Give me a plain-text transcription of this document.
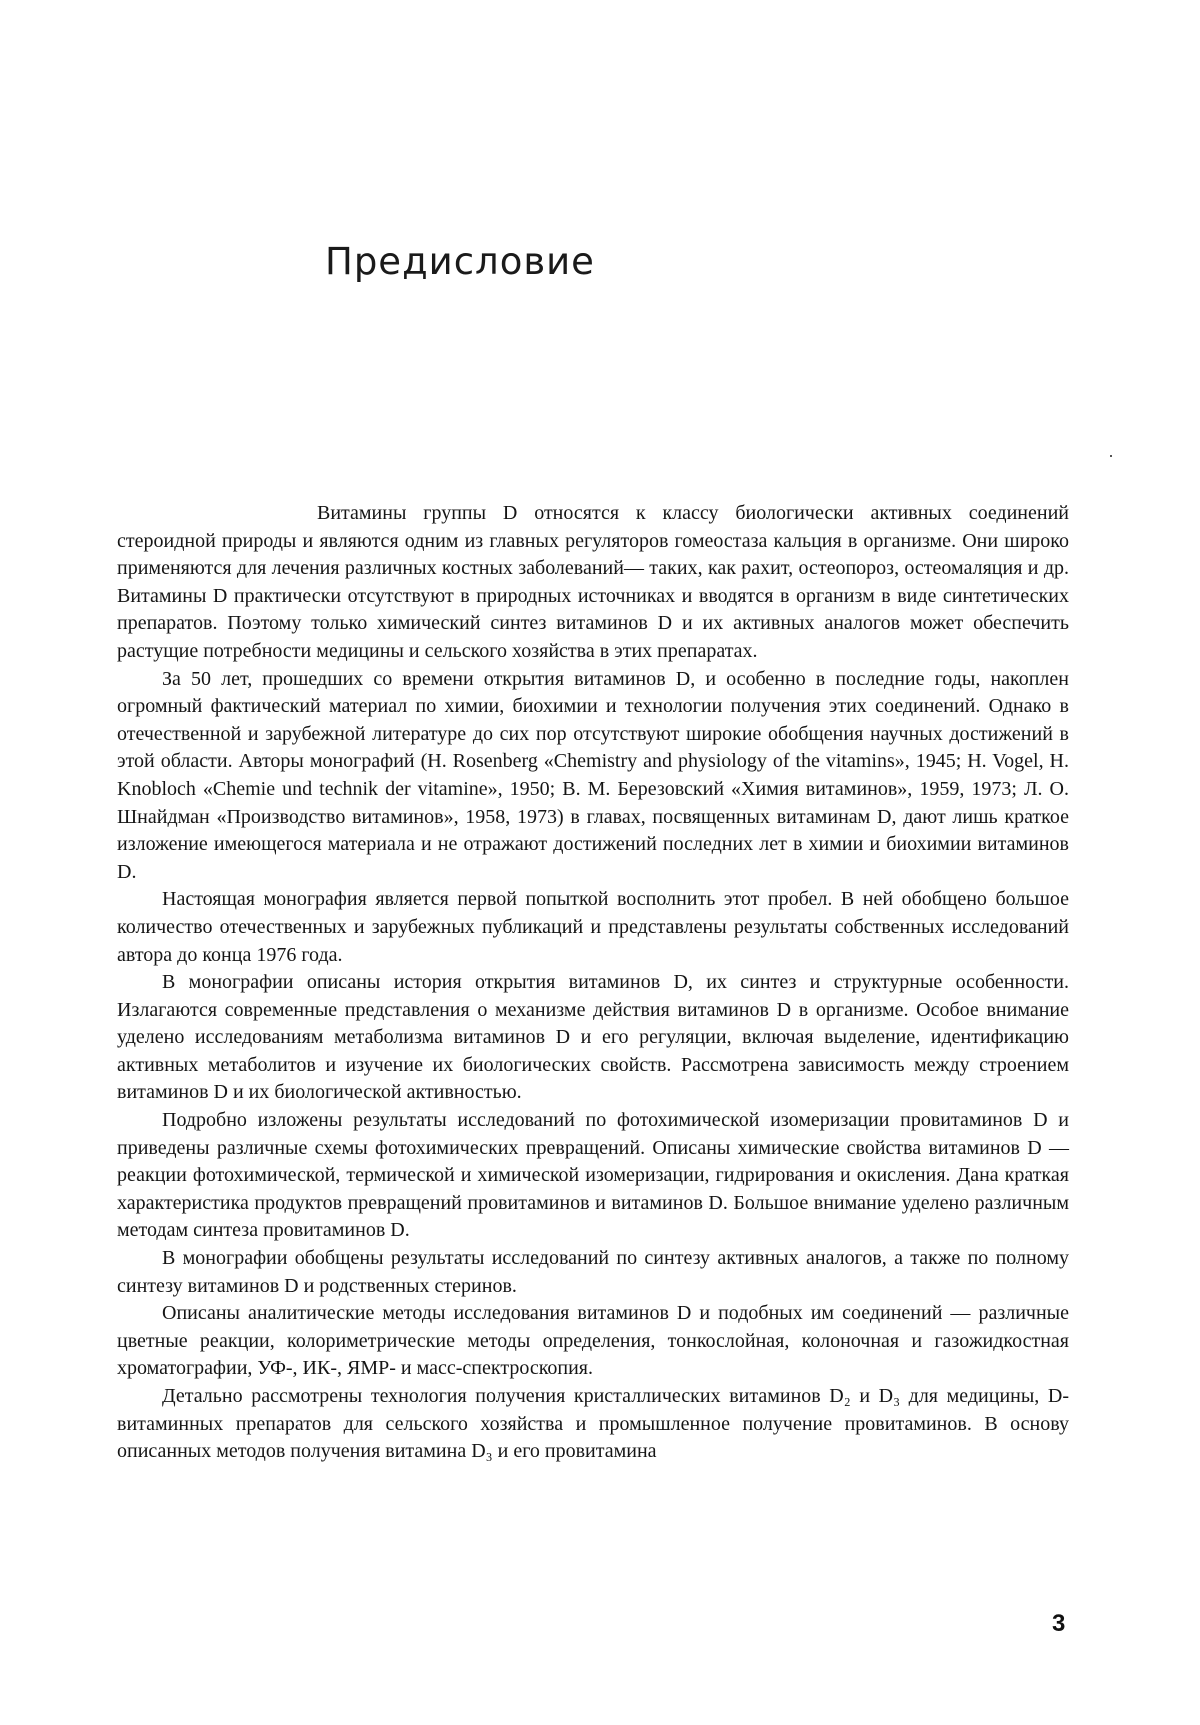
Предисловие

Витамины группы D относятся к классу биологически активных соединений стероидной природы и являются одним из главных регуляторов гомеостаза кальция в организме. Они широко применяются для лечения различных костных заболеваний— таких, как рахит, остеопороз, остеомаляция и др. Витамины D практически отсутствуют в природных источниках и вводятся в организм в виде синтетических препаратов. Поэтому только химический синтез витаминов D и их активных аналогов может обеспечить растущие потребности медицины и сельского хозяйства в этих препаратах.

За 50 лет, прошедших со времени открытия витаминов D, и особенно в последние годы, накоплен огромный фактический материал по химии, биохимии и технологии получения этих соединений. Однако в отечественной и зарубежной литературе до сих пор отсутствуют широкие обобщения научных достижений в этой области. Авторы монографий (H. Rosenberg «Chemistry and physiology of the vitamins», 1945; H. Vogel, H. Knobloch «Chemie und technik der vitamine», 1950; В. М. Березовский «Химия витаминов», 1959, 1973; Л. О. Шнайдман «Производство витаминов», 1958, 1973) в главах, посвященных витаминам D, дают лишь краткое изложение имеющегося материала и не отражают достижений последних лет в химии и биохимии витаминов D.

Настоящая монография является первой попыткой восполнить этот пробел. В ней обобщено большое количество отечественных и зарубежных публикаций и представлены результаты собственных исследований автора до конца 1976 года.

В монографии описаны история открытия витаминов D, их синтез и структурные особенности. Излагаются современные представления о механизме действия витаминов D в организме. Особое внимание уделено исследованиям метаболизма витаминов D и его регуляции, включая выделение, идентификацию активных метаболитов и изучение их биологических свойств. Рассмотрена зависимость между строением витаминов D и их биологической активностью.

Подробно изложены результаты исследований по фотохимической изомеризации провитаминов D и приведены различные схемы фотохимических превращений. Описаны химические свойства витаминов D — реакции фотохимической, термической и химической изомеризации, гидрирования и окисления. Дана краткая характеристика продуктов превращений провитаминов и витаминов D. Большое внимание уделено различным методам синтеза провитаминов D.

В монографии обобщены результаты исследований по синтезу активных аналогов, а также по полному синтезу витаминов D и родственных стеринов.

Описаны аналитические методы исследования витаминов D и подобных им соединений — различные цветные реакции, колориметрические методы определения, тонкослойная, колоночная и газожидкостная хроматографии, УФ-, ИК-, ЯМР- и масс-спектроскопия.

Детально рассмотрены технология получения кристаллических витаминов D₂ и D₃ для медицины, D-витаминных препаратов для сельского хозяйства и промышленное получение провитаминов. В основу описанных методов получения витамина D₃ и его провитамина

3
